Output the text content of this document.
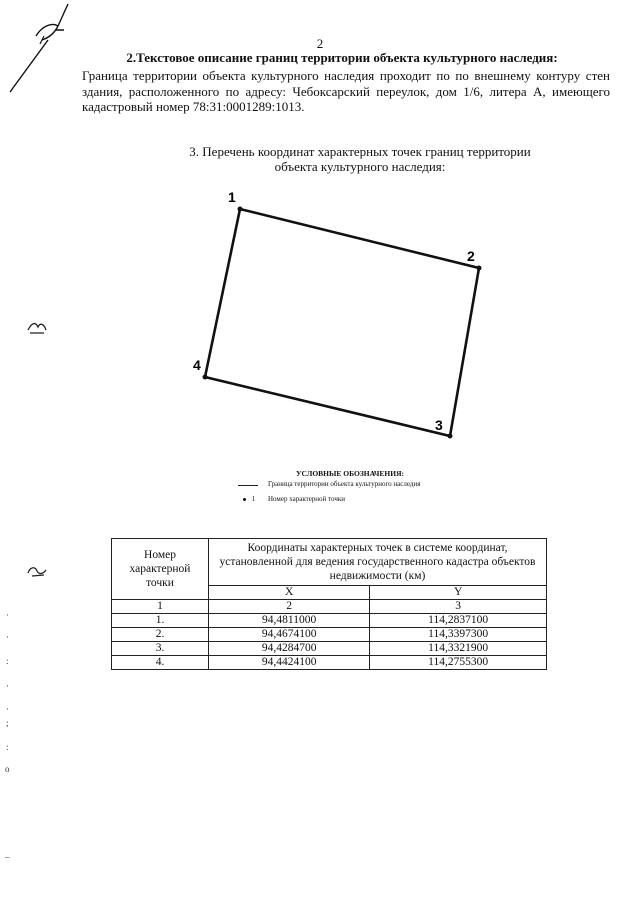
·
·
:
·
·
;
:
o
–
2
2.Текстовое описание границ территории объекта культурного наследия:
Граница территории объекта культурного наследия проходит по по внешнему контуру стен здания, расположенного по адресу: Чебоксарский переулок, дом 1/6, литера А, имеющего кадастровый номер 78:31:0001289:1013.
3. Перечень координат характерных точек границ территории
объекта культурного наследия:
1
2
3
4
УСЛОВНЫЕ ОБОЗНАЧЕНИЯ:
Граница территории объекта культурного наследия
1	Номер характерной точки
Номер характерной точки	Координаты характерных точек в системе координат, установленной для ведения государственного кадастра объектов недвижимости (км)	
	X	Y
1	2	3
1.	94,4811000	114,2837100
2.	94,4674100	114,3397300
3.	94,4284700	114,3321900
4.	94,4424100	114,2755300
